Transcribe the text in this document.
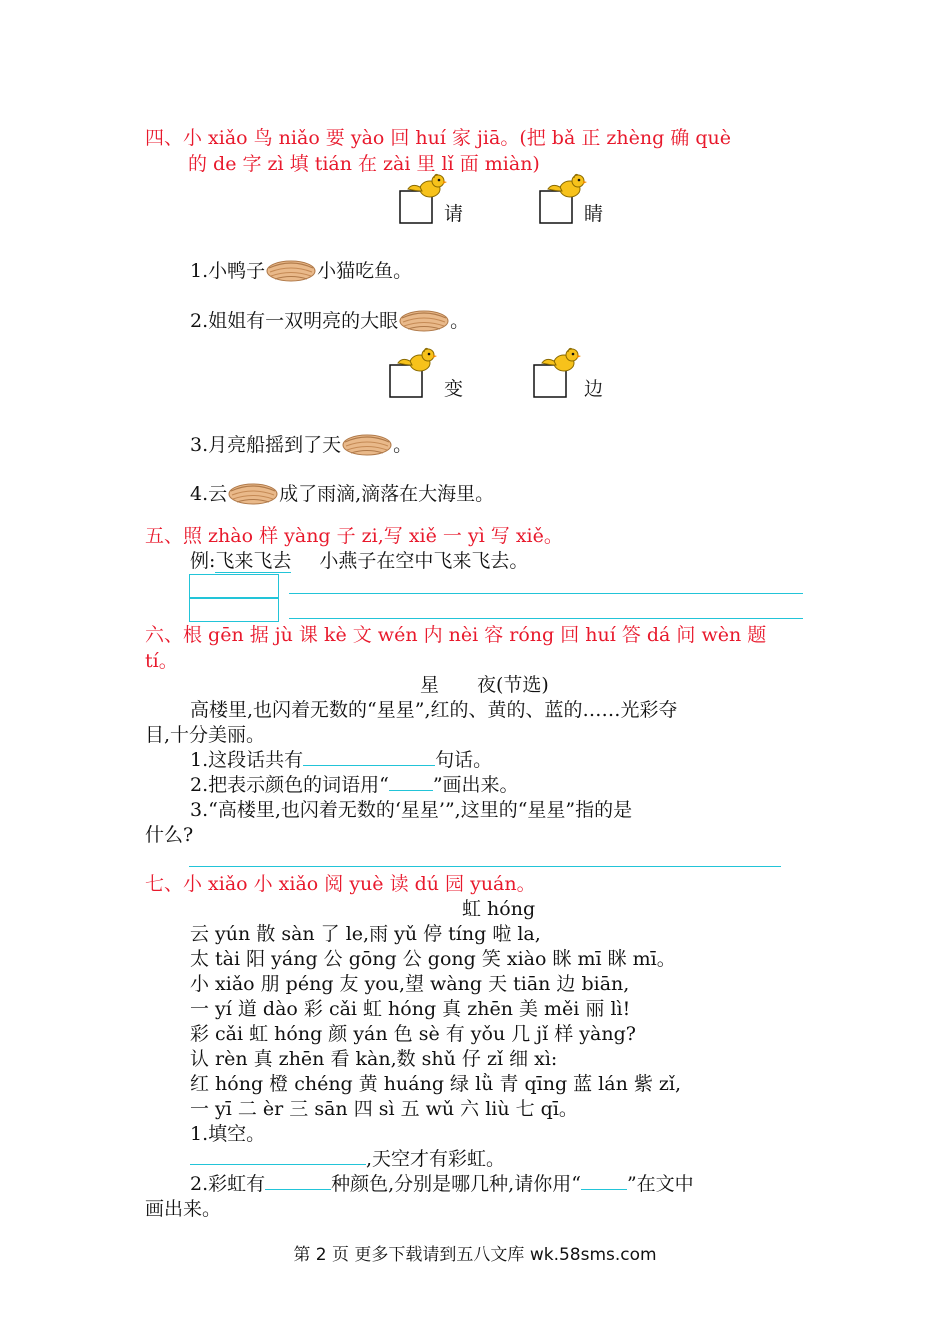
四、小 xiǎo 鸟 niǎo 要 yào 回 huí 家 jiā。(把 bǎ 正 zhèng 确 què
的 de 字 zì 填 tián 在 zài 里 lǐ 面 miàn)
请	睛
1.小鸭子	小猫吃鱼。
2.姐姐有一双明亮的大眼	。
变	边
3.月亮船摇到了天	。
4.云	成了雨滴,滴落在大海里。
五、照 zhào 样 yàng 子 zi,写 xiě 一 yì 写 xiě。
例:飞来飞去 小燕子在空中飞来飞去。
六、根 gēn 据 jù 课 kè 文 wén 内 nèi 容 róng 回 huí 答 dá 问 wèn 题
tí。
星　　夜(节选)
高楼里,也闪着无数的“星星”,红的、黄的、蓝的……光彩夺
目,十分美丽。
1.这段话共有	句话。
2.把表示颜色的词语用“ ”画出来。
3.“高楼里,也闪着无数的‘星星’”,这里的“星星”指的是
什么?
七、小 xiǎo 小 xiǎo 阅 yuè 读 dú 园 yuán。
虹 hóng
云 yún 散 sàn 了 le,雨 yǔ 停 tíng 啦 la,
太 tài 阳 yáng 公 gōng 公 gong 笑 xiào 眯 mī 眯 mī。
小 xiǎo 朋 péng 友 you,望 wàng 天 tiān 边 biān,
一 yí 道 dào 彩 cǎi 虹 hóng 真 zhēn 美 měi 丽 lì!
彩 cǎi 虹 hóng 颜 yán 色 sè 有 yǒu 几 jǐ 样 yàng?
认 rèn 真 zhēn 看 kàn,数 shǔ 仔 zǐ 细 xì:
红 hóng 橙 chéng 黄 huáng 绿 lǜ 青 qīng 蓝 lán 紫 zǐ,
一 yī 二 èr 三 sān 四 sì 五 wǔ 六 liù 七 qī。
1.填空。
,天空才有彩虹。
2.彩虹有	种颜色,分别是哪几种,请你用“ ”在文中
画出来。
第 2 页 更多下载请到五八文库 wk.58sms.com
